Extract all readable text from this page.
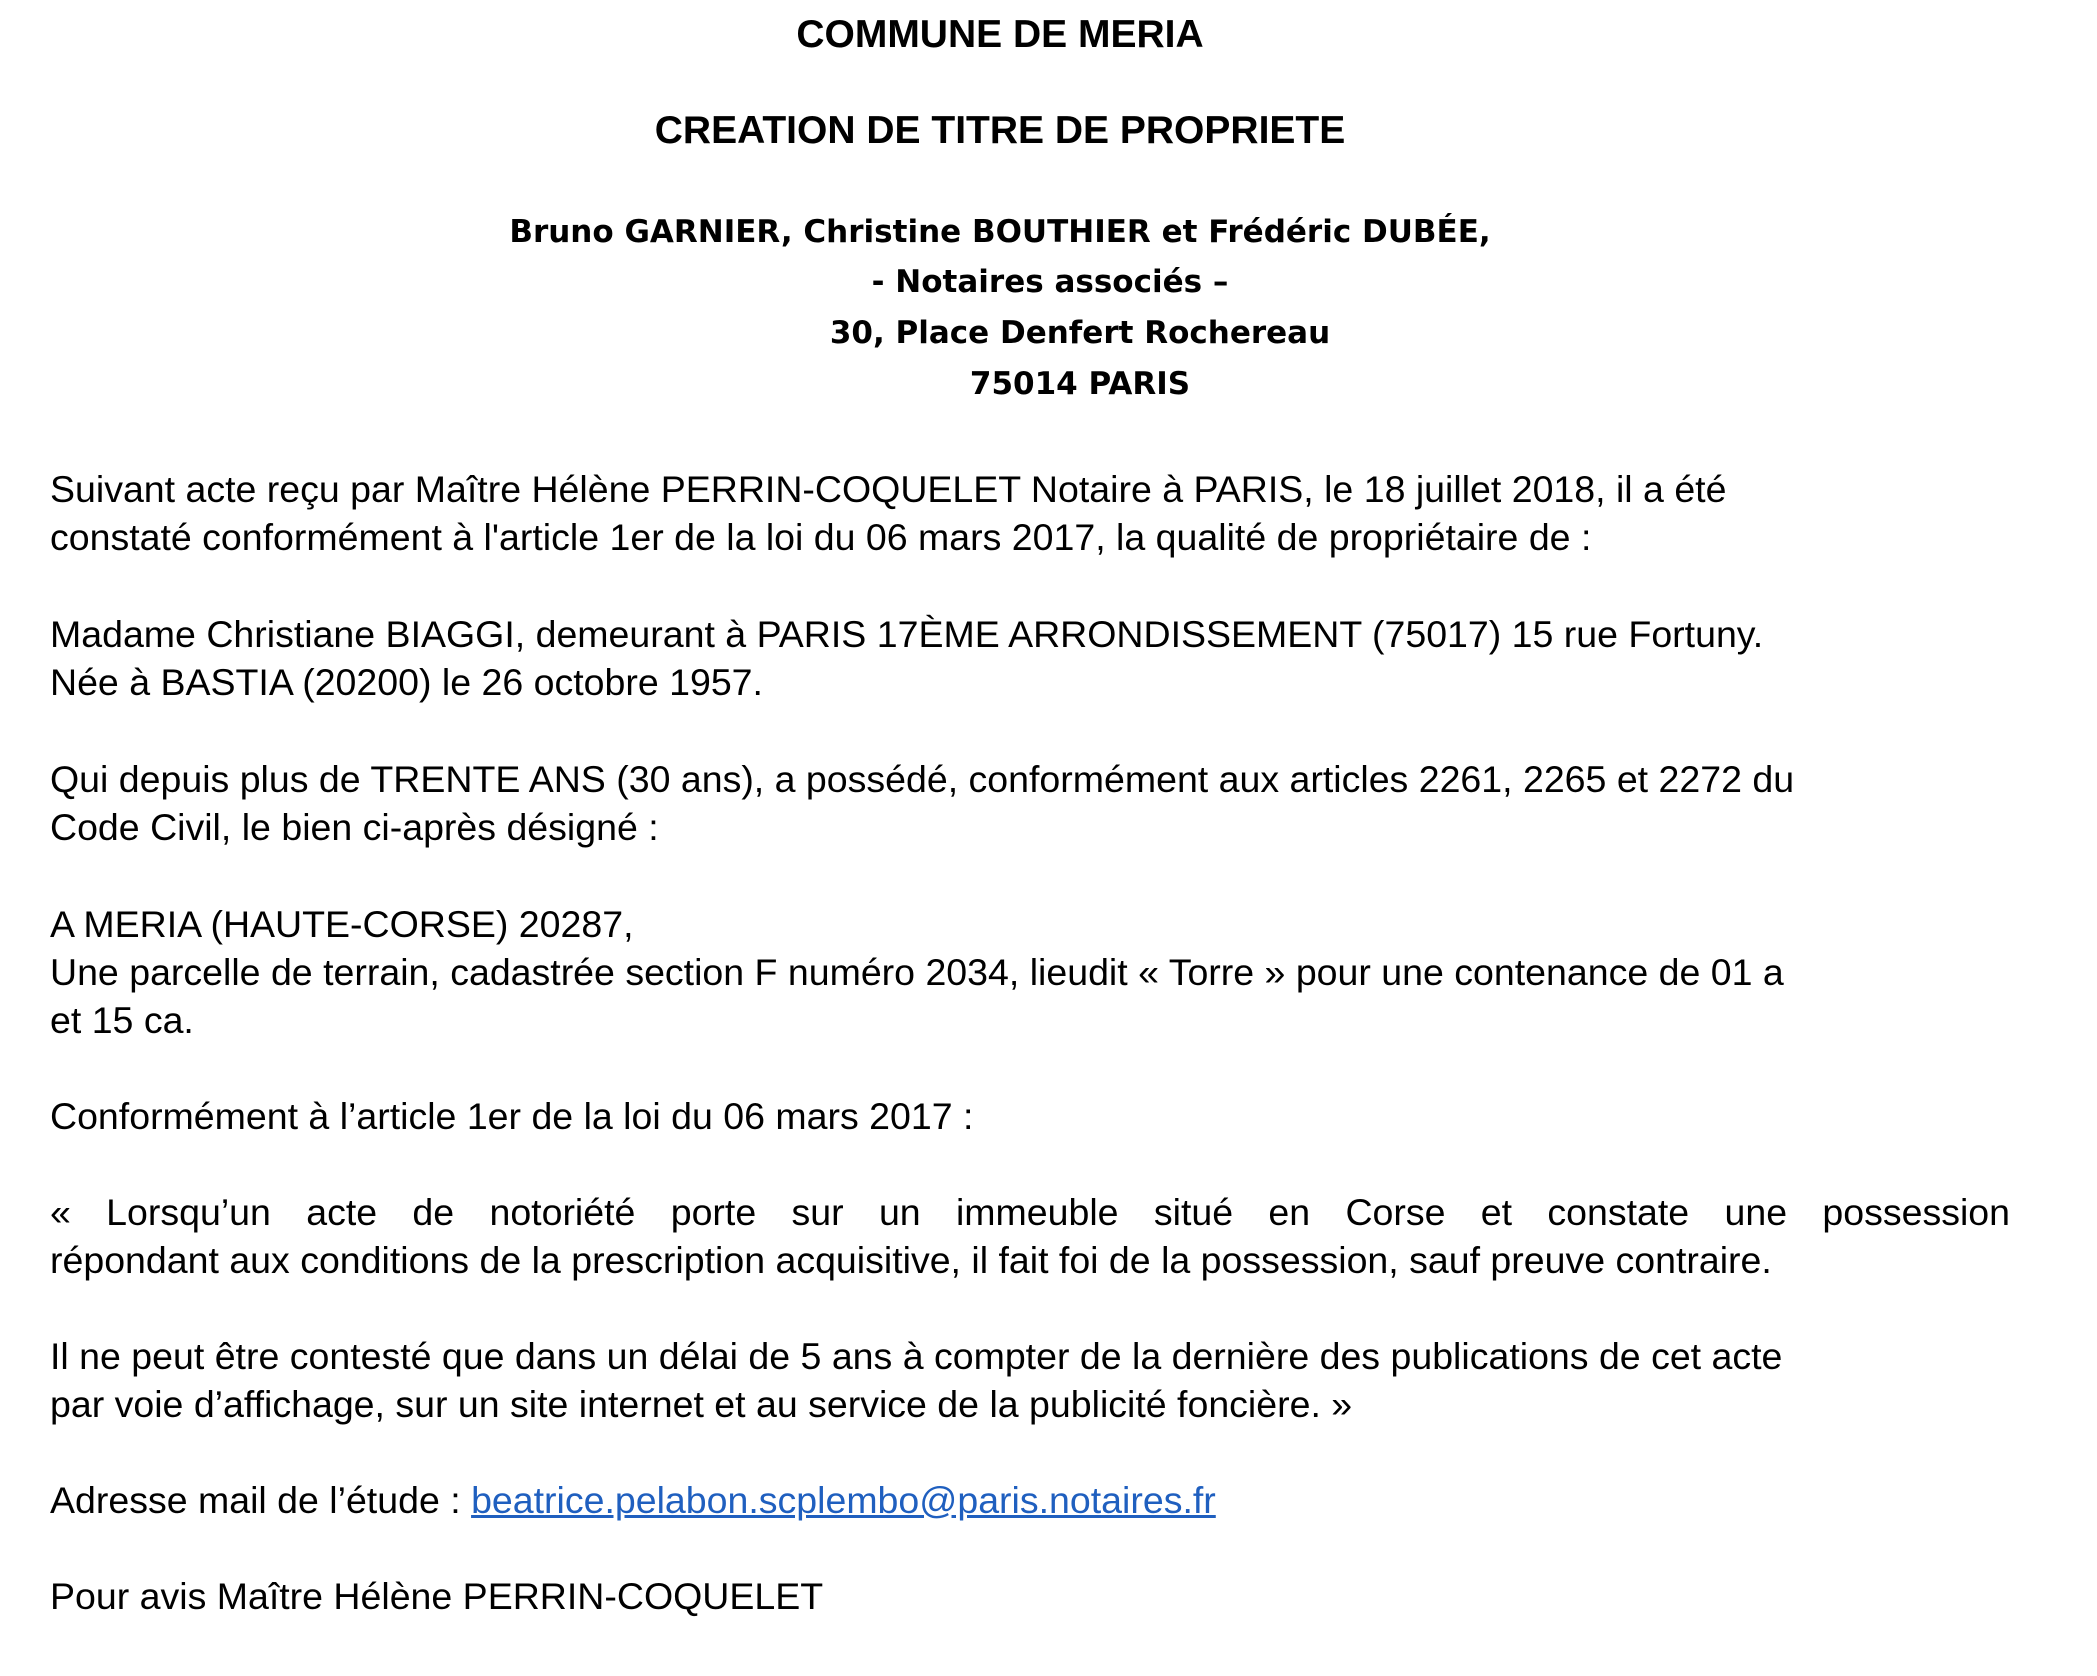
COMMUNE DE MERIA
CREATION DE TITRE DE PROPRIETE
Bruno GARNIER, Christine BOUTHIER et Frédéric DUBÉE,
- Notaires associés –
30, Place Denfert Rochereau
75014 PARIS
Suivant acte reçu par Maître Hélène PERRIN-COQUELET Notaire à PARIS, le 18 juillet 2018, il a été
constaté conformément à l'article 1er de la loi du 06 mars 2017, la qualité de propriétaire de :
Madame Christiane BIAGGI, demeurant à PARIS 17ÈME ARRONDISSEMENT (75017) 15 rue Fortuny.
Née à BASTIA (20200) le 26 octobre 1957.
Qui depuis plus de TRENTE ANS (30 ans), a possédé, conformément aux articles 2261, 2265 et 2272 du
Code Civil, le bien ci-après désigné :
A MERIA (HAUTE-CORSE) 20287,
Une parcelle de terrain, cadastrée section F numéro 2034, lieudit « Torre » pour une contenance de 01 a
et 15 ca.
Conformément à l’article 1er de la loi du 06 mars 2017 :
« Lorsqu’un acte de notoriété porte sur un immeuble situé en Corse et constate une possession
répondant aux conditions de la prescription acquisitive, il fait foi de la possession, sauf preuve contraire.
Il ne peut être contesté que dans un délai de 5 ans à compter de la dernière des publications de cet acte
par voie d’affichage, sur un site internet et au service de la publicité foncière. »
Adresse mail de l’étude : beatrice.pelabon.scplembo@paris.notaires.fr
Pour avis Maître Hélène PERRIN-COQUELET
